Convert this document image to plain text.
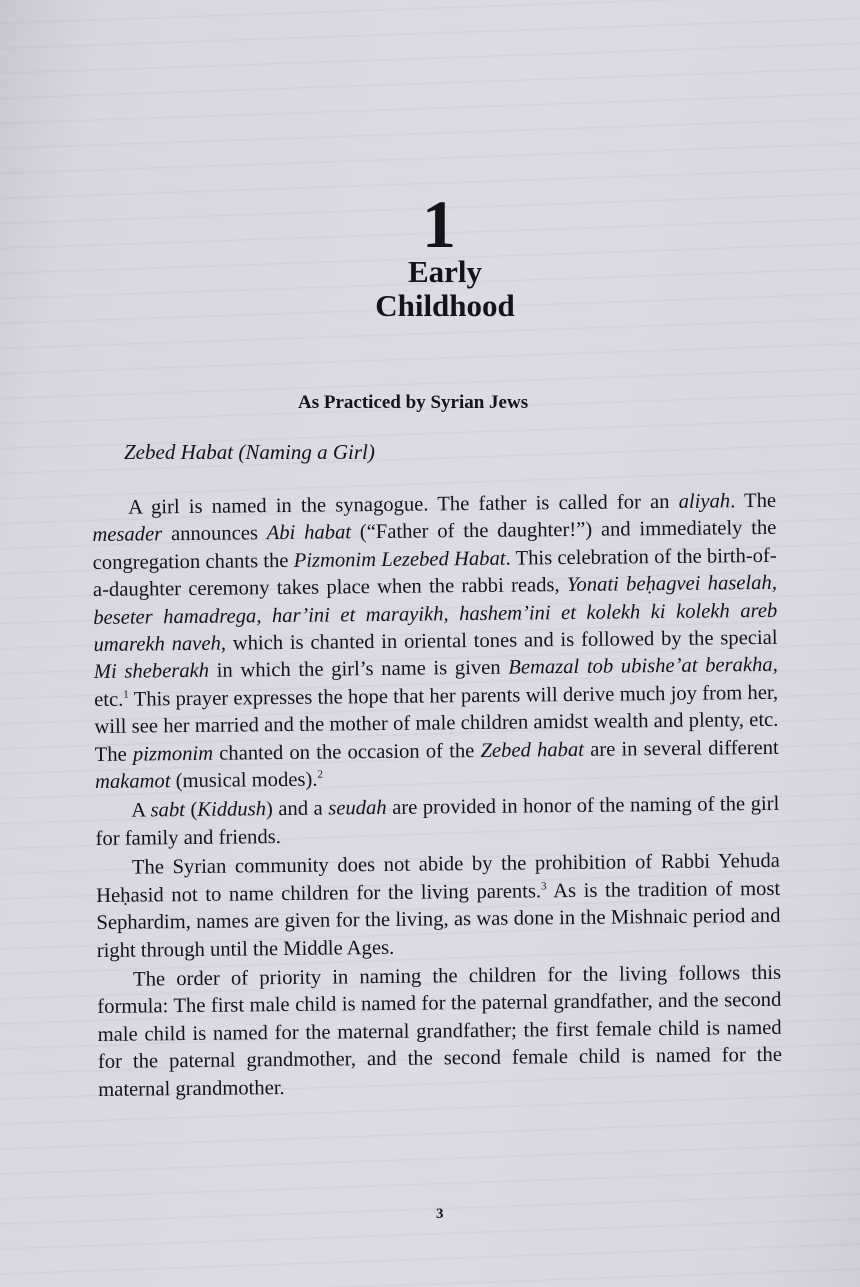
1
Early
Childhood
As Practiced by Syrian Jews
Zebed Habat (Naming a Girl)

A girl is named in the synagogue. The father is called for an aliyah. The mesader announces Abi habat (“Father of the daughter!”) and immediately the congregation chants the Pizmonim Lezebed Habat. This celebration of the birth-of-a-daughter ceremony takes place when the rabbi reads, Yonati beḥagvei haselah, beseter hamadrega, har’ini et marayikh, hashem’ini et kolekh ki kolekh areb umarekh naveh, which is chanted in oriental tones and is followed by the special Mi sheberakh in which the girl’s name is given Bemazal tob ubishe’at berakha, etc.$^1$ This prayer expresses the hope that her parents will derive much joy from her, will see her married and the mother of male children amidst wealth and plenty, etc. The pizmonim chanted on the occasion of the Zebed habat are in several different makamot (musical modes).$^2$

A sabt (Kiddush) and a seudah are provided in honor of the naming of the girl for family and friends.

The Syrian community does not abide by the prohibition of Rabbi Yehuda Heḥasid not to name children for the living parents.$^3$ As is the tradition of most Sephardim, names are given for the living, as was done in the Mishnaic period and right through until the Middle Ages.

The order of priority in naming the children for the living follows this formula: The first male child is named for the paternal grandfather, and the second male child is named for the maternal grandfather; the first female child is named for the paternal grandmother, and the second female child is named for the maternal grandmother.

3
